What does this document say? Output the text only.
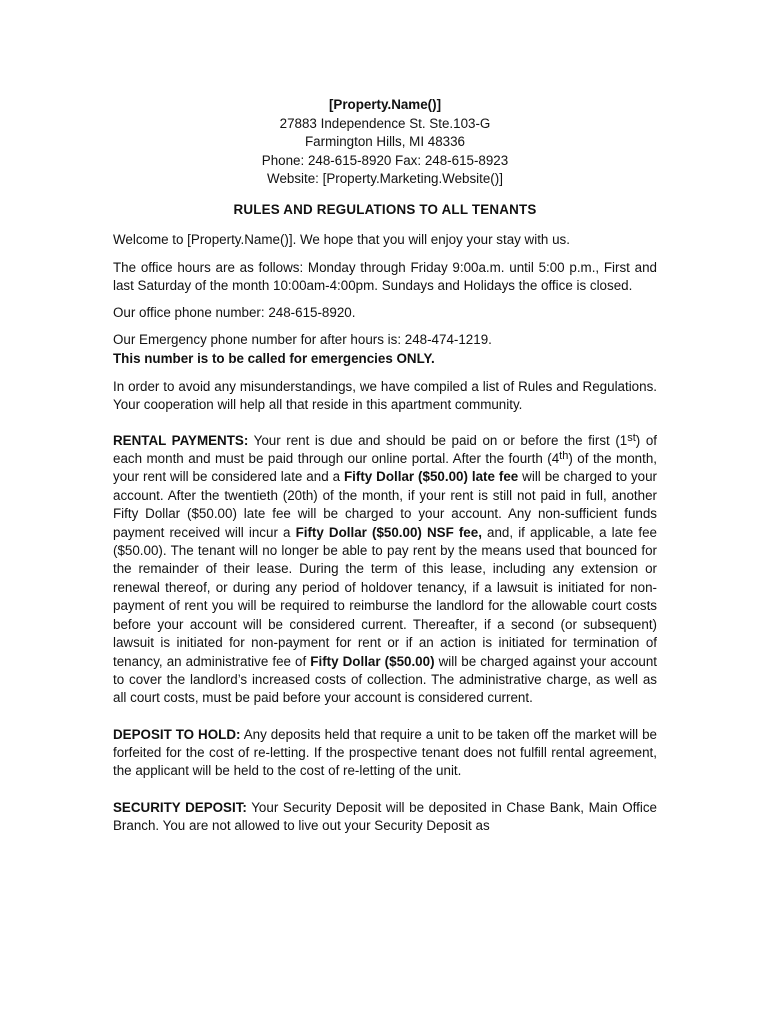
[Property.Name()]
27883 Independence St. Ste.103-G
Farmington Hills, MI 48336
Phone: 248-615-8920 Fax: 248-615-8923
Website: [Property.Marketing.Website()]
RULES AND REGULATIONS TO ALL TENANTS

Welcome to [Property.Name()]. We hope that you will enjoy your stay with us.

The office hours are as follows: Monday through Friday 9:00a.m. until 5:00 p.m., First and last Saturday of the month 10:00am-4:00pm. Sundays and Holidays the office is closed.

Our office phone number: 248-615-8920.

Our Emergency phone number for after hours is: 248-474-1219.
This number is to be called for emergencies ONLY.

In order to avoid any misunderstandings, we have compiled a list of Rules and Regulations. Your cooperation will help all that reside in this apartment community.

RENTAL PAYMENTS: Your rent is due and should be paid on or before the first (1st) of each month and must be paid through our online portal. After the fourth (4th) of the month, your rent will be considered late and a Fifty Dollar ($50.00) late fee will be charged to your account. After the twentieth (20th) of the month, if your rent is still not paid in full, another Fifty Dollar ($50.00) late fee will be charged to your account. Any non-sufficient funds payment received will incur a Fifty Dollar ($50.00) NSF fee, and, if applicable, a late fee ($50.00). The tenant will no longer be able to pay rent by the means used that bounced for the remainder of their lease. During the term of this lease, including any extension or renewal thereof, or during any period of holdover tenancy, if a lawsuit is initiated for non-payment of rent you will be required to reimburse the landlord for the allowable court costs before your account will be considered current. Thereafter, if a second (or subsequent) lawsuit is initiated for non-payment for rent or if an action is initiated for termination of tenancy, an administrative fee of Fifty Dollar ($50.00) will be charged against your account to cover the landlord’s increased costs of collection. The administrative charge, as well as all court costs, must be paid before your account is considered current.

DEPOSIT TO HOLD: Any deposits held that require a unit to be taken off the market will be forfeited for the cost of re-letting. If the prospective tenant does not fulfill rental agreement, the applicant will be held to the cost of re-letting of the unit.

SECURITY DEPOSIT: Your Security Deposit will be deposited in Chase Bank, Main Office Branch. You are not allowed to live out your Security Deposit as
